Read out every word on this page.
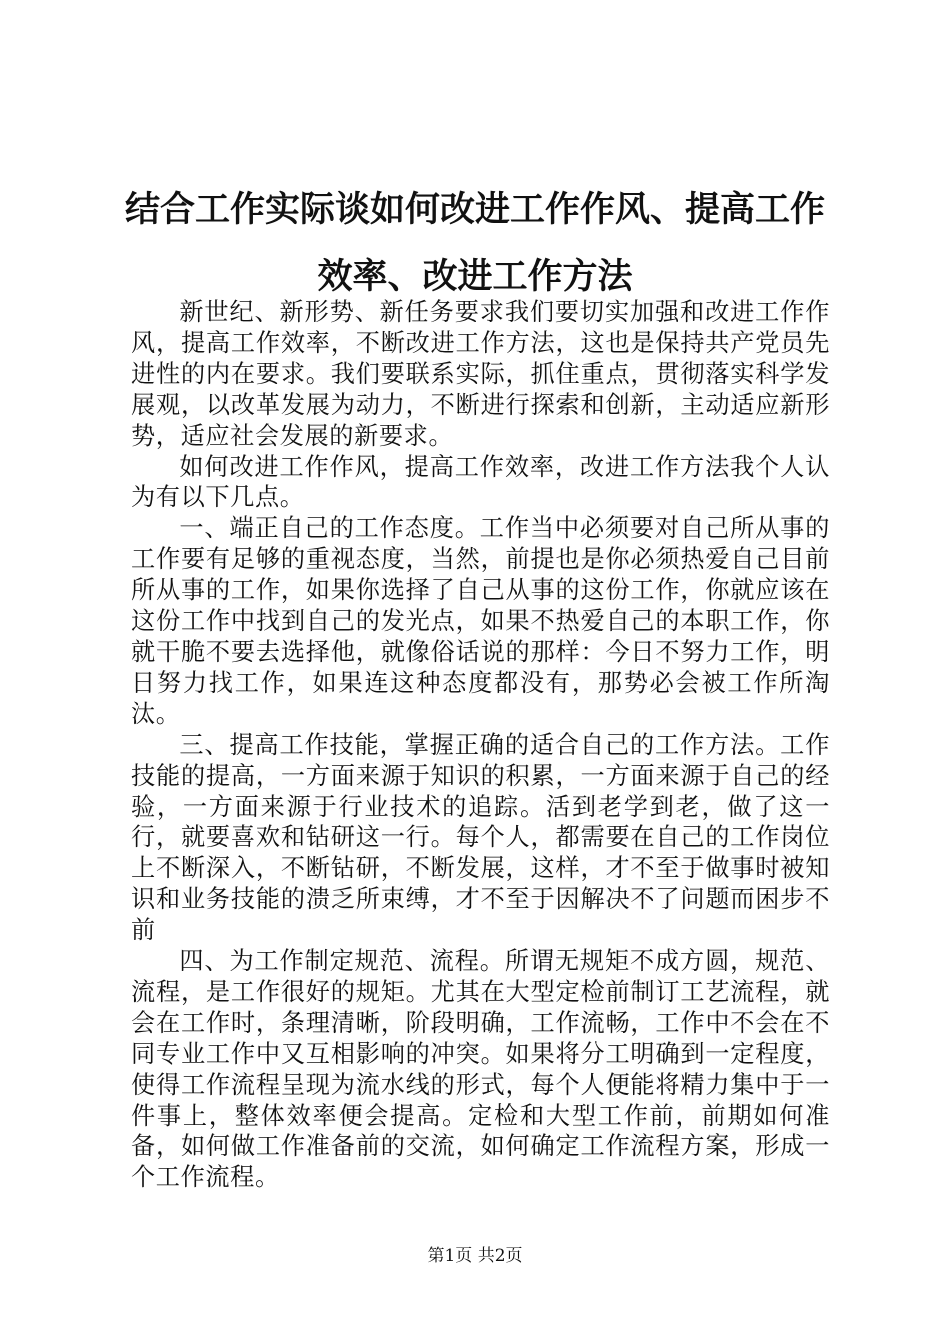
结合工作实际谈如何改进工作作风、提高工作
效率、改进工作方法

新世纪、新形势、新任务要求我们要切实加强和改进工作作风，提高工作效率，不断改进工作方法，这也是保持共产党员先进性的内在要求。我们要联系实际，抓住重点，贯彻落实科学发展观，以改革发展为动力，不断进行探索和创新，主动适应新形势，适应社会发展的新要求。

如何改进工作作风，提高工作效率，改进工作方法我个人认为有以下几点。

一、端正自己的工作态度。工作当中必须要对自己所从事的工作要有足够的重视态度，当然，前提也是你必须热爱自己目前所从事的工作，如果你选择了自己从事的这份工作，你就应该在这份工作中找到自己的发光点，如果不热爱自己的本职工作，你就干脆不要去选择他，就像俗话说的那样：今日不努力工作，明日努力找工作，如果连这种态度都没有，那势必会被工作所淘汰。

三、提高工作技能，掌握正确的适合自己的工作方法。工作技能的提高，一方面来源于知识的积累，一方面来源于自己的经验，一方面来源于行业技术的追踪。活到老学到老，做了这一行，就要喜欢和钻研这一行。每个人，都需要在自己的工作岗位上不断深入，不断钻研，不断发展，这样，才不至于做事时被知识和业务技能的溃乏所束缚，才不至于因解决不了问题而困步不前

四、为工作制定规范、流程。所谓无规矩不成方圆，规范、流程，是工作很好的规矩。尤其在大型定检前制订工艺流程，就会在工作时，条理清晰，阶段明确，工作流畅，工作中不会在不同专业工作中又互相影响的冲突。如果将分工明确到一定程度，使得工作流程呈现为流水线的形式，每个人便能将精力集中于一件事上，整体效率便会提高。定检和大型工作前，前期如何准备，如何做工作准备前的交流，如何确定工作流程方案，形成一个工作流程。

第1页 共2页
